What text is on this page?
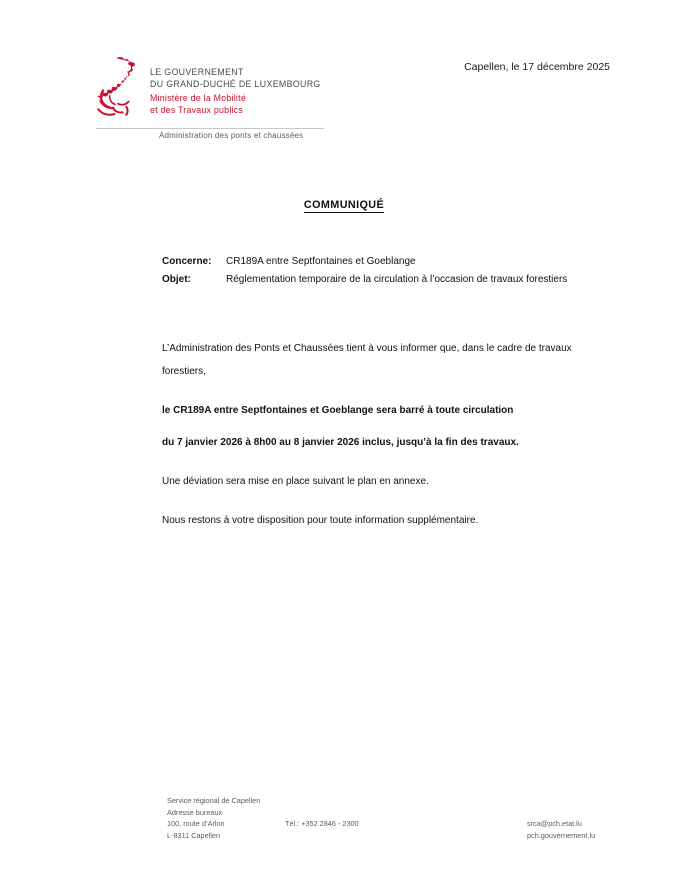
LE GOUVERNEMENT
DU GRAND-DUCHÉ DE LUXEMBOURG
Ministère de la Mobilité
et des Travaux publics
Administration des ponts et chaussées
Capellen, le 17 décembre 2025
COMMUNIQUÉ
Concerne:	CR189A entre Septfontaines et Goeblange
Objet:	Réglementation temporaire de la circulation à l’occasion de travaux forestiers

L’Administration des Ponts et Chaussées tient à vous informer que, dans le cadre de travaux forestiers,

le CR189A entre Septfontaines et Goeblange sera barré à toute circulation

du 7 janvier 2026 à 8h00 au 8 janvier 2026 inclus, jusqu’à la fin des travaux.

Une déviation sera mise en place suivant le plan en annexe.

Nous restons à votre disposition pour toute information supplémentaire.

Service régional de Capellen
Adresse bureaux
100, route d’Arlon
L-8311 Capellen
Tél.: +352 2846 - 2300	srca@pch.etat.lu
pch.gouvernement.lu
